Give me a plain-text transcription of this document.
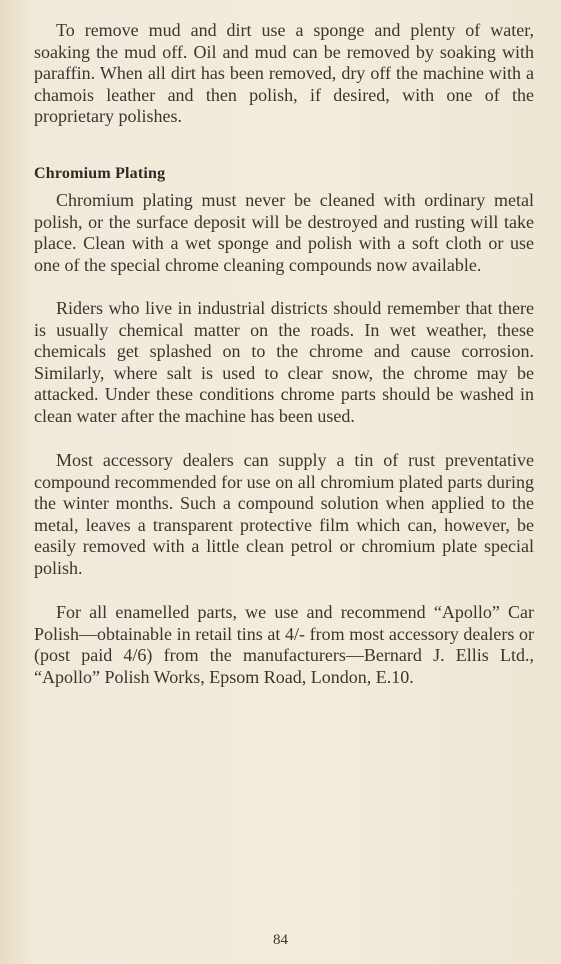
To remove mud and dirt use a sponge and plenty of water, soaking the mud off. Oil and mud can be removed by soaking with paraffin. When all dirt has been removed, dry off the machine with a chamois leather and then polish, if desired, with one of the proprietary polishes.

Chromium Plating

Chromium plating must never be cleaned with ordinary metal polish, or the surface deposit will be destroyed and rusting will take place. Clean with a wet sponge and polish with a soft cloth or use one of the special chrome cleaning compounds now available.

Riders who live in industrial districts should remember that there is usually chemical matter on the roads. In wet weather, these chemicals get splashed on to the chrome and cause corrosion. Similarly, where salt is used to clear snow, the chrome may be attacked. Under these conditions chrome parts should be washed in clean water after the machine has been used.

Most accessory dealers can supply a tin of rust preventative compound recommended for use on all chromium plated parts during the winter months. Such a compound solution when applied to the metal, leaves a transparent protective film which can, however, be easily removed with a little clean petrol or chromium plate special polish.

For all enamelled parts, we use and recommend “Apollo” Car Polish—obtainable in retail tins at 4/- from most accessory dealers or (post paid 4/6) from the manufacturers—Bernard J. Ellis Ltd., “Apollo” Polish Works, Epsom Road, London, E.10.

84
